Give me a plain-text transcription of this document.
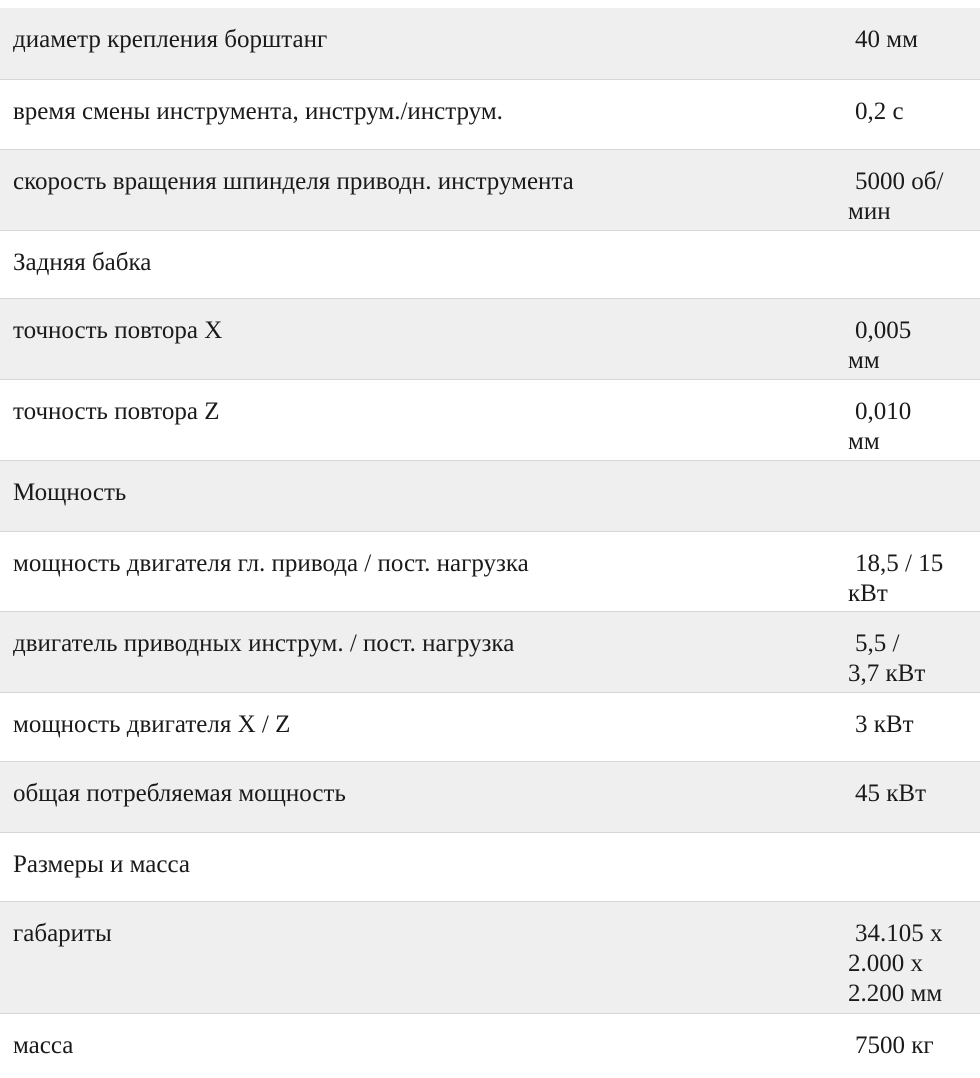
диаметр крепления борштанг	40 мм

время смены инструмента, инструм./инструм.	0,2 с

скорость вращения шпинделя приводн. инструмента	5000 об/
мин

Задняя бабка	
точность повтора X	0,005
мм

точность повтора Z	0,010
мм

Мощность	
мощность двигателя гл. привода / пост. нагрузка	18,5 / 15
кВт

двигатель приводных инструм. / пост. нагрузка	5,5 /
3,7 кВт

мощность двигателя X / Z	3 кВт

общая потребляемая мощность	45 кВт

Размеры и масса	
габариты	34.105 х
2.000 х
2.200 мм

масса	7500 кг
